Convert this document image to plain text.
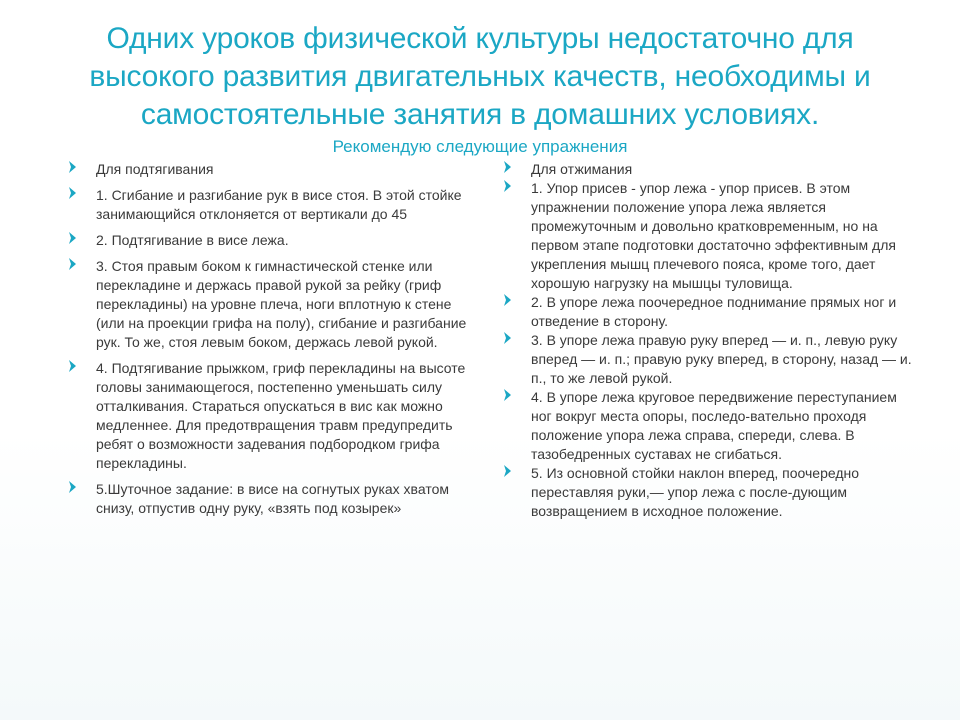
Одних уроков физической культуры недостаточно для высокого развития двигательных качеств, необходимы и самостоятельные занятия в домашних условиях.
Рекомендую следующие упражнения
Для подтягивания
1. Сгибание и разгибание рук в висе стоя. В этой стойке занимающийся отклоняется от вертикали до 45
2. Подтягивание в висе лежа.
3. Стоя правым боком к гимнастической стенке или перекладине и держась правой рукой за рейку (гриф перекладины) на уровне плеча, ноги вплотную к стене (или на проекции грифа на полу), сгибание и разгибание рук. То же, стоя левым боком, держась левой рукой.
4. Подтягивание прыжком, гриф перекладины на высоте головы занимающегося, постепенно уменьшать силу отталкивания. Стараться опускаться в вис как можно медленнее. Для предотвращения травм предупредить ребят о возможности задевания подбородком грифа перекладины.
5.Шуточное задание: в висе на согнутых руках хватом снизу, отпустив одну руку, «взять под козырек»
Для отжимания
1. Упор присев - упор лежа - упор присев. В этом упражнении положение упора лежа является промежуточным и довольно кратковременным, но на первом этапе подготовки достаточно эффективным для укрепления мышц плечевого пояса, кроме того, дает хорошую нагрузку на мышцы туловища.
2. В упоре лежа поочередное поднимание прямых ног и отведение в сторону.
3. В упоре лежа правую руку вперед — и. п., левую руку вперед — и. п.; правую руку вперед, в сторону, назад — и. п., то же левой рукой.
4. В упоре лежа круговое передвижение переступанием ног вокруг места опоры, последо-вательно проходя положение упора лежа справа, спереди, слева. В тазобедренных суставах не сгибаться.
5. Из основной стойки наклон вперед, поочередно переставляя руки,— упор лежа с после-дующим возвращением в исходное положение.
